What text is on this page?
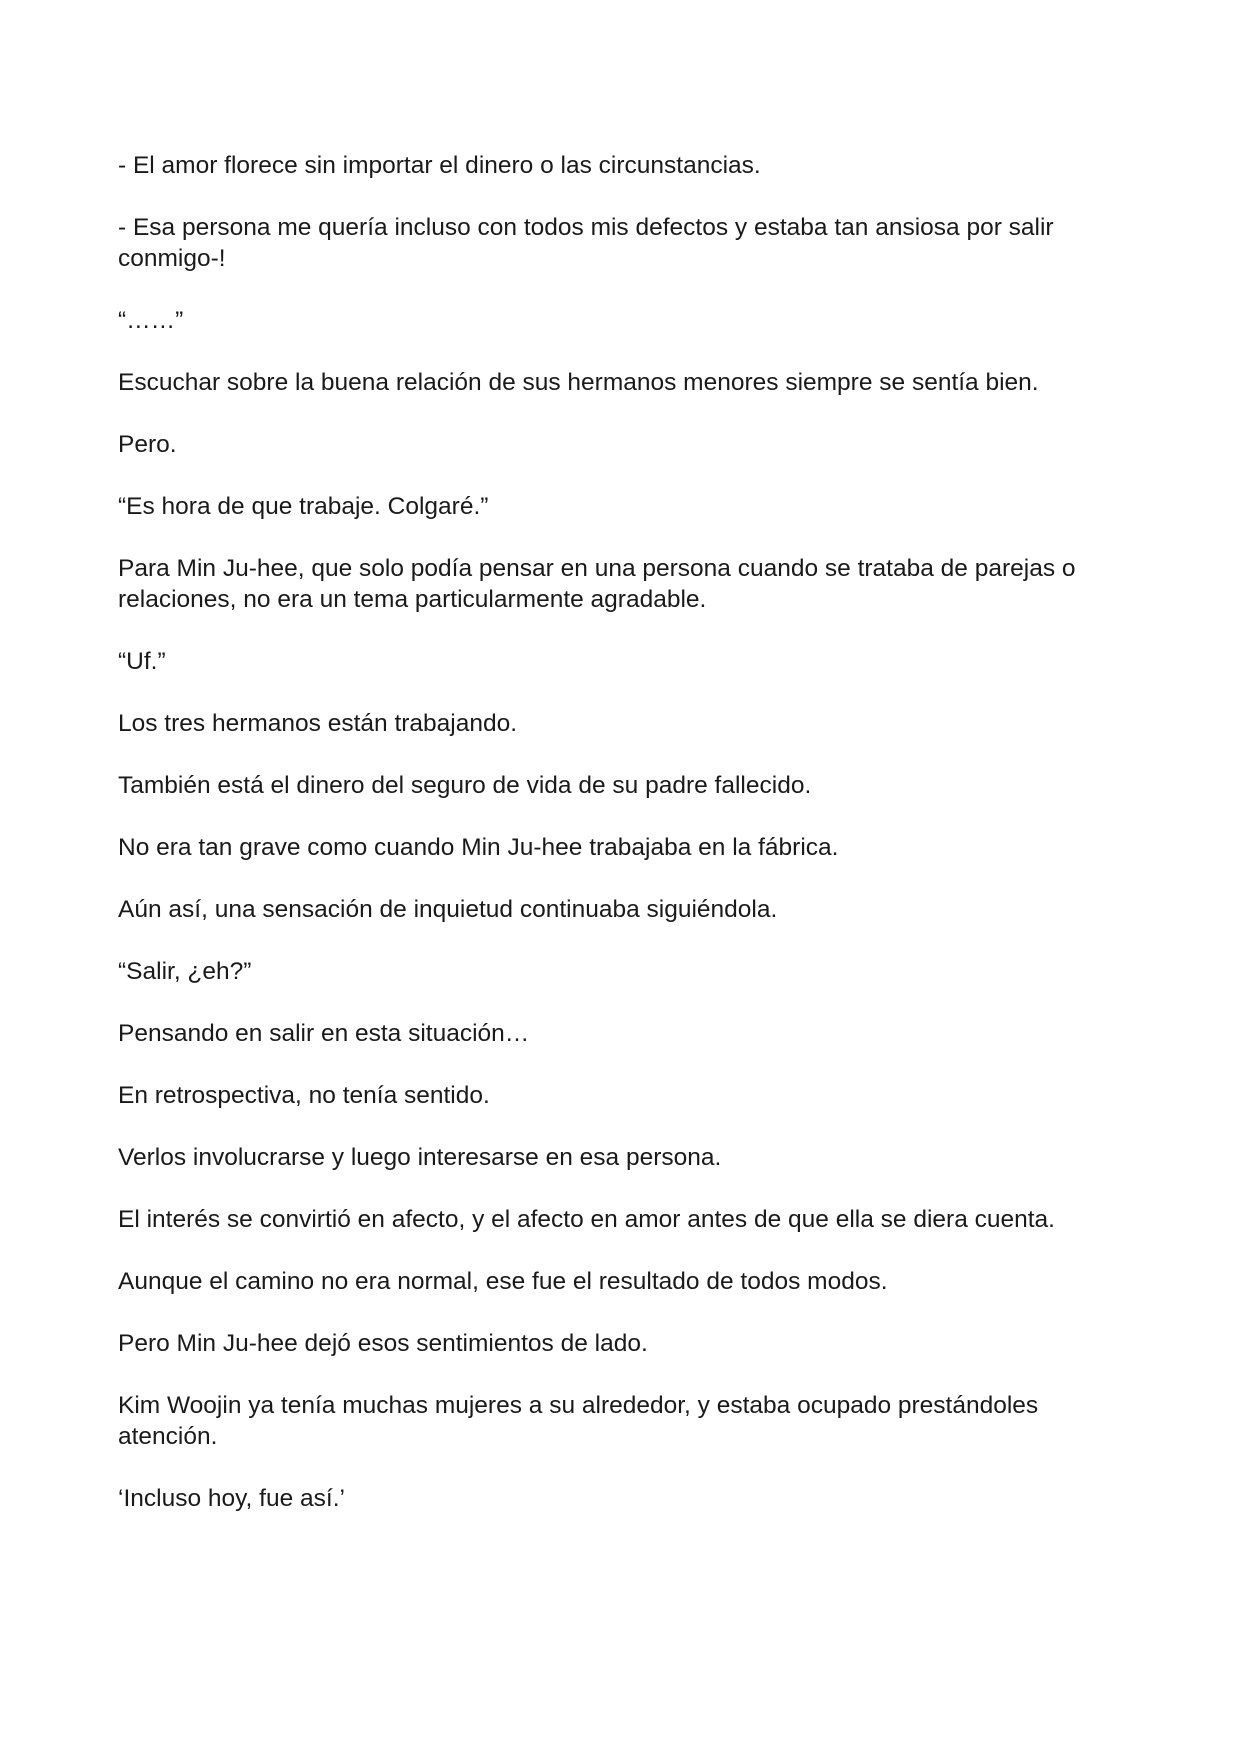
- El amor florece sin importar el dinero o las circunstancias.

- Esa persona me quería incluso con todos mis defectos y estaba tan ansiosa por salir conmigo-!

“……”

Escuchar sobre la buena relación de sus hermanos menores siempre se sentía bien.

Pero.

“Es hora de que trabaje. Colgaré.”

Para Min Ju-hee, que solo podía pensar en una persona cuando se trataba de parejas o relaciones, no era un tema particularmente agradable.

“Uf.”

Los tres hermanos están trabajando.

También está el dinero del seguro de vida de su padre fallecido.

No era tan grave como cuando Min Ju-hee trabajaba en la fábrica.

Aún así, una sensación de inquietud continuaba siguiéndola.

“Salir, ¿eh?”

Pensando en salir en esta situación…

En retrospectiva, no tenía sentido.

Verlos involucrarse y luego interesarse en esa persona.

El interés se convirtió en afecto, y el afecto en amor antes de que ella se diera cuenta.

Aunque el camino no era normal, ese fue el resultado de todos modos.

Pero Min Ju-hee dejó esos sentimientos de lado.

Kim Woojin ya tenía muchas mujeres a su alrededor, y estaba ocupado prestándoles atención.

‘Incluso hoy, fue así.’
